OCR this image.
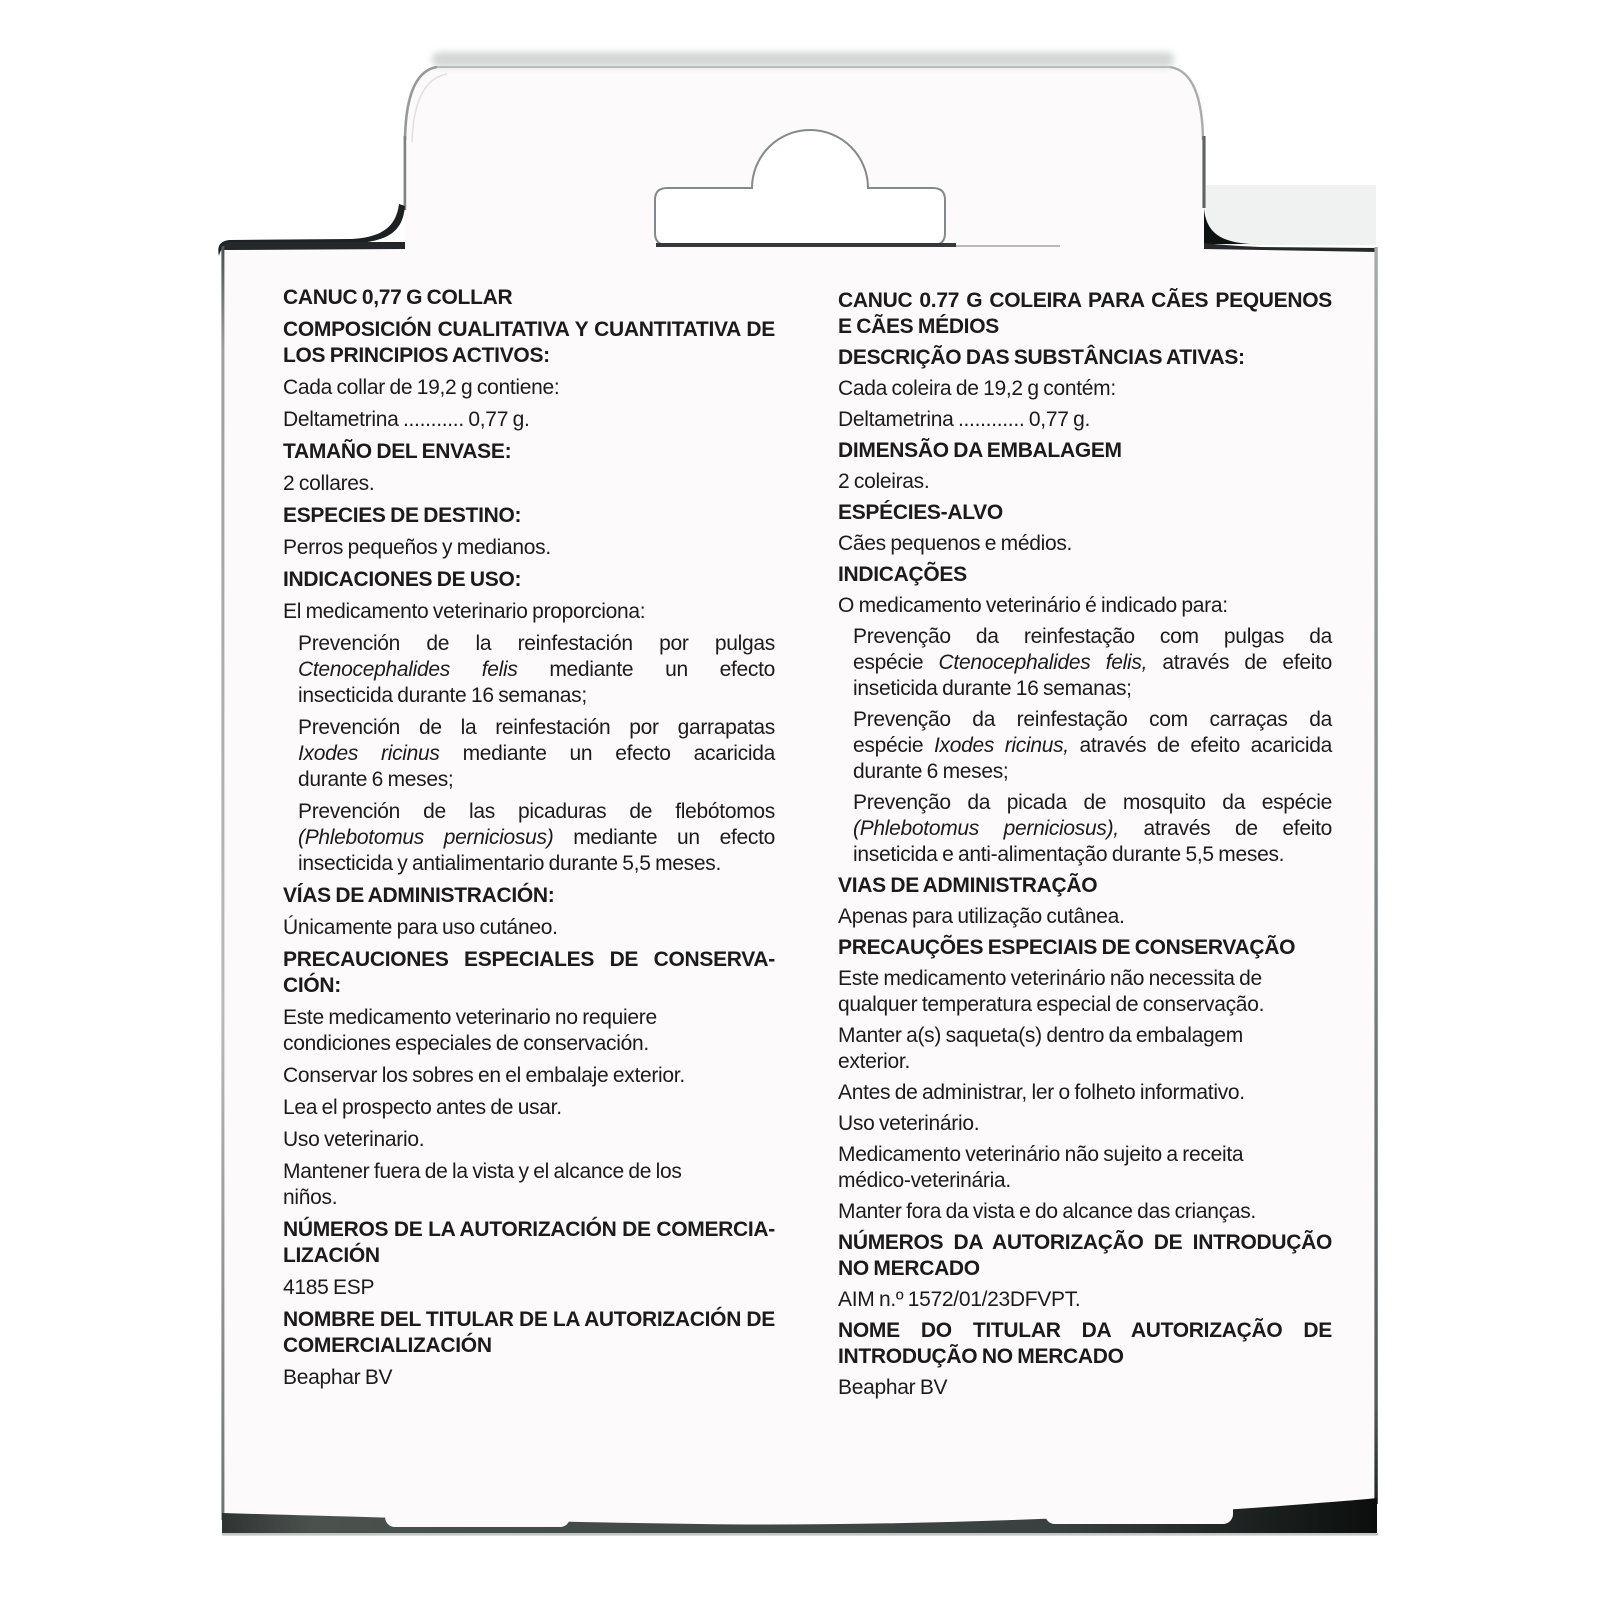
CANUC 0,77 G COLLAR
COMPOSICIÓN CUALITATIVA Y CUANTITATIVA DE
LOS PRINCIPIOS ACTIVOS:
Cada collar de 19,2 g contiene:
Deltametrina ........... 0,77 g.
TAMAÑO DEL ENVASE:
2 collares.
ESPECIES DE DESTINO:
Perros pequeños y medianos.
INDICACIONES DE USO:
El medicamento veterinario proporciona:
Prevención de la reinfestación por pulgas
Ctenocephalides felis mediante un efecto
insecticida durante 16 semanas;
Prevención de la reinfestación por garrapatas
Ixodes ricinus mediante un efecto acaricida
durante 6 meses;
Prevención de las picaduras de flebótomos
(Phlebotomus perniciosus) mediante un efecto
insecticida y antialimentario durante 5,5 meses.
VÍAS DE ADMINISTRACIÓN:
Únicamente para uso cutáneo.
PRECAUCIONES ESPECIALES DE CONSERVA-
CIÓN:
Este medicamento veterinario no requiere
condiciones especiales de conservación.
Conservar los sobres en el embalaje exterior.
Lea el prospecto antes de usar.
Uso veterinario.
Mantener fuera de la vista y el alcance de los
niños.
NÚMEROS DE LA AUTORIZACIÓN DE COMERCIA-
LIZACIÓN
4185 ESP
NOMBRE DEL TITULAR DE LA AUTORIZACIÓN DE
COMERCIALIZACIÓN
Beaphar BV
CANUC 0.77 G COLEIRA PARA CÃES PEQUENOS
E CÃES MÉDIOS
DESCRIÇÃO DAS SUBSTÂNCIAS ATIVAS:
Cada coleira de 19,2 g contém:
Deltametrina ............ 0,77 g.
DIMENSÃO DA EMBALAGEM
2 coleiras.
ESPÉCIES-ALVO
Cães pequenos e médios.
INDICAÇÕES
O medicamento veterinário é indicado para:
Prevenção da reinfestação com pulgas da
espécie Ctenocephalides felis, através de efeito
inseticida durante 16 semanas;
Prevenção da reinfestação com carraças da
espécie Ixodes ricinus, através de efeito acaricida
durante 6 meses;
Prevenção da picada de mosquito da espécie
(Phlebotomus perniciosus), através de efeito
inseticida e anti-alimentação durante 5,5 meses.
VIAS DE ADMINISTRAÇÃO
Apenas para utilização cutânea.
PRECAUÇÕES ESPECIAIS DE CONSERVAÇÃO
Este medicamento veterinário não necessita de
qualquer temperatura especial de conservação.
Manter a(s) saqueta(s) dentro da embalagem
exterior.
Antes de administrar, ler o folheto informativo.
Uso veterinário.
Medicamento veterinário não sujeito a receita
médico-veterinária.
Manter fora da vista e do alcance das crianças.
NÚMEROS DA AUTORIZAÇÃO DE INTRODUÇÃO
NO MERCADO
AIM n.º 1572/01/23DFVPT.
NOME DO TITULAR DA AUTORIZAÇÃO DE
INTRODUÇÃO NO MERCADO
Beaphar BV
